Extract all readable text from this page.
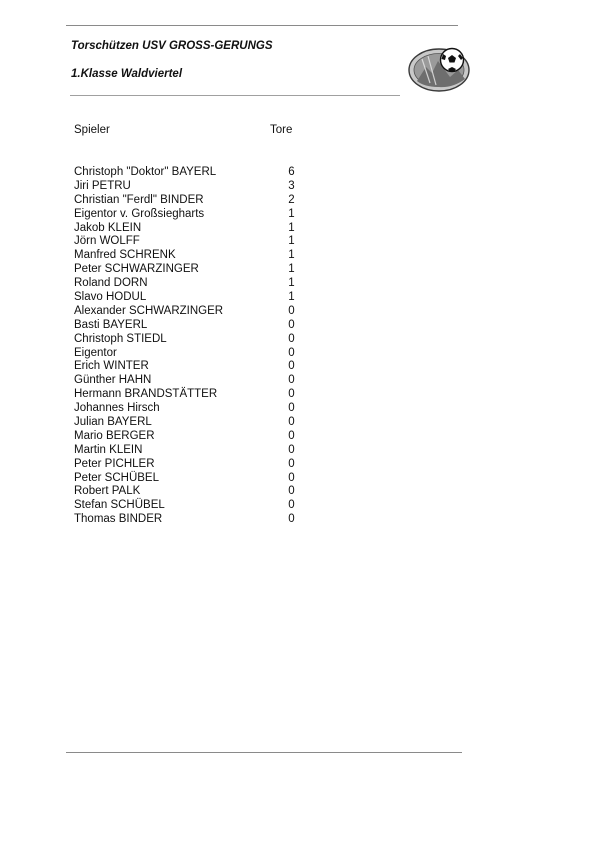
Torschützen USV GROSS-GERUNGS
1.Klasse Waldviertel
Spieler	Tore
Christoph "Doktor" BAYERL	6
Jiri PETRU	3
Christian "Ferdl" BINDER	2
Eigentor v. Großsiegharts	1
Jakob KLEIN	1
Jörn WOLFF	1
Manfred SCHRENK	1
Peter SCHWARZINGER	1
Roland DORN	1
Slavo HODUL	1
Alexander SCHWARZINGER	0
Basti BAYERL	0
Christoph STIEDL	0
Eigentor	0
Erich WINTER	0
Günther HAHN	0
Hermann BRANDSTÄTTER	0
Johannes Hirsch	0
Julian BAYERL	0
Mario BERGER	0
Martin KLEIN	0
Peter PICHLER	0
Peter SCHÜBEL	0
Robert PALK	0
Stefan SCHÜBEL	0
Thomas BINDER	0
